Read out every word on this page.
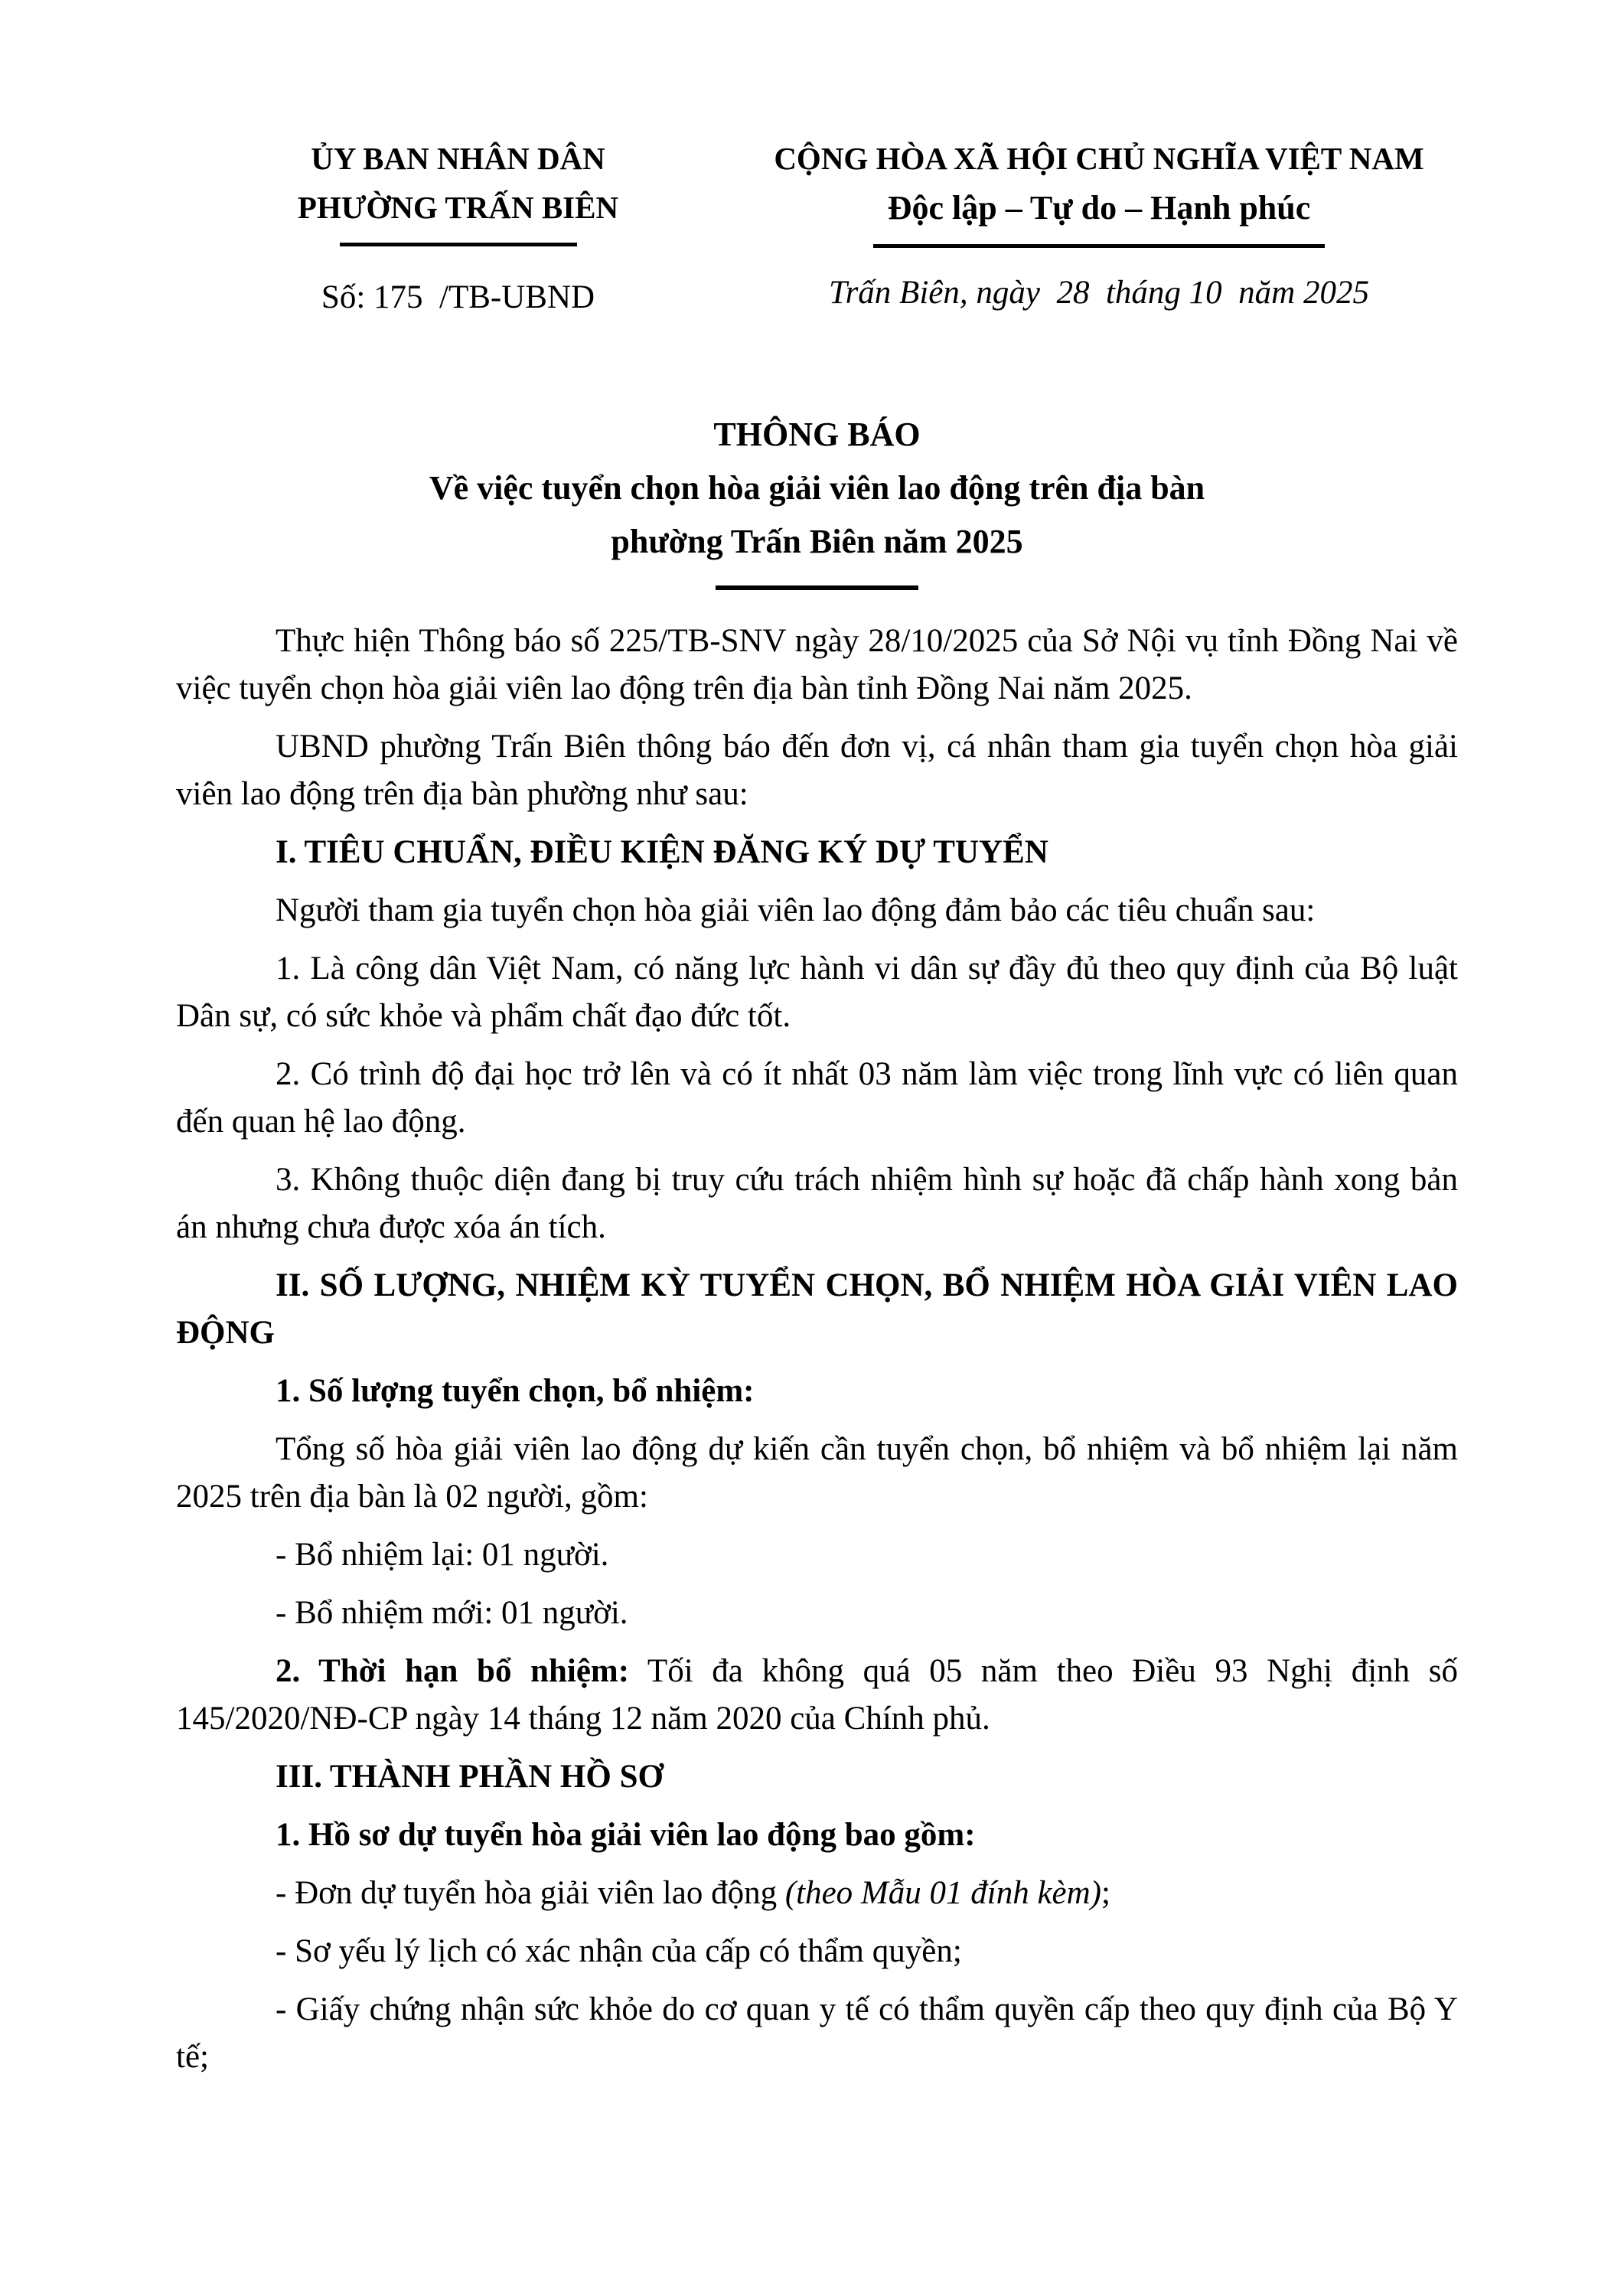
ỦY BAN NHÂN DÂN
PHƯỜNG TRẤN BIÊN
Số: 175  /TB-UBND
CỘNG HÒA XÃ HỘI CHỦ NGHĨA VIỆT NAM
Độc lập – Tự do – Hạnh phúc
Trấn Biên, ngày  28  tháng 10  năm 2025
THÔNG BÁO
Về việc tuyển chọn hòa giải viên lao động trên địa bàn
phường Trấn Biên năm 2025

Thực hiện Thông báo số 225/TB-SNV ngày 28/10/2025 của Sở Nội vụ tỉnh Đồng Nai về việc tuyển chọn hòa giải viên lao động trên địa bàn tỉnh Đồng Nai năm 2025.

UBND phường Trấn Biên thông báo đến đơn vị, cá nhân tham gia tuyển chọn hòa giải viên lao động trên địa bàn phường như sau:

I. TIÊU CHUẨN, ĐIỀU KIỆN ĐĂNG KÝ DỰ TUYỂN

Người tham gia tuyển chọn hòa giải viên lao động đảm bảo các tiêu chuẩn sau:

1. Là công dân Việt Nam, có năng lực hành vi dân sự đầy đủ theo quy định của Bộ luật Dân sự, có sức khỏe và phẩm chất đạo đức tốt.

2. Có trình độ đại học trở lên và có ít nhất 03 năm làm việc trong lĩnh vực có liên quan đến quan hệ lao động.

3. Không thuộc diện đang bị truy cứu trách nhiệm hình sự hoặc đã chấp hành xong bản án nhưng chưa được xóa án tích.

II. SỐ LƯỢNG, NHIỆM KỲ TUYỂN CHỌN, BỔ NHIỆM HÒA GIẢI VIÊN LAO ĐỘNG

1. Số lượng tuyển chọn, bổ nhiệm:

Tổng số hòa giải viên lao động dự kiến cần tuyển chọn, bổ nhiệm và bổ nhiệm lại năm 2025 trên địa bàn là 02 người, gồm:

- Bổ nhiệm lại: 01 người.

- Bổ nhiệm mới: 01 người.

2. Thời hạn bổ nhiệm: Tối đa không quá 05 năm theo Điều 93 Nghị định số 145/2020/NĐ-CP ngày 14 tháng 12 năm 2020 của Chính phủ.

III. THÀNH PHẦN HỒ SƠ

1. Hồ sơ dự tuyển hòa giải viên lao động bao gồm:

- Đơn dự tuyển hòa giải viên lao động (theo Mẫu 01 đính kèm);

- Sơ yếu lý lịch có xác nhận của cấp có thẩm quyền;

- Giấy chứng nhận sức khỏe do cơ quan y tế có thẩm quyền cấp theo quy định của Bộ Y tế;
